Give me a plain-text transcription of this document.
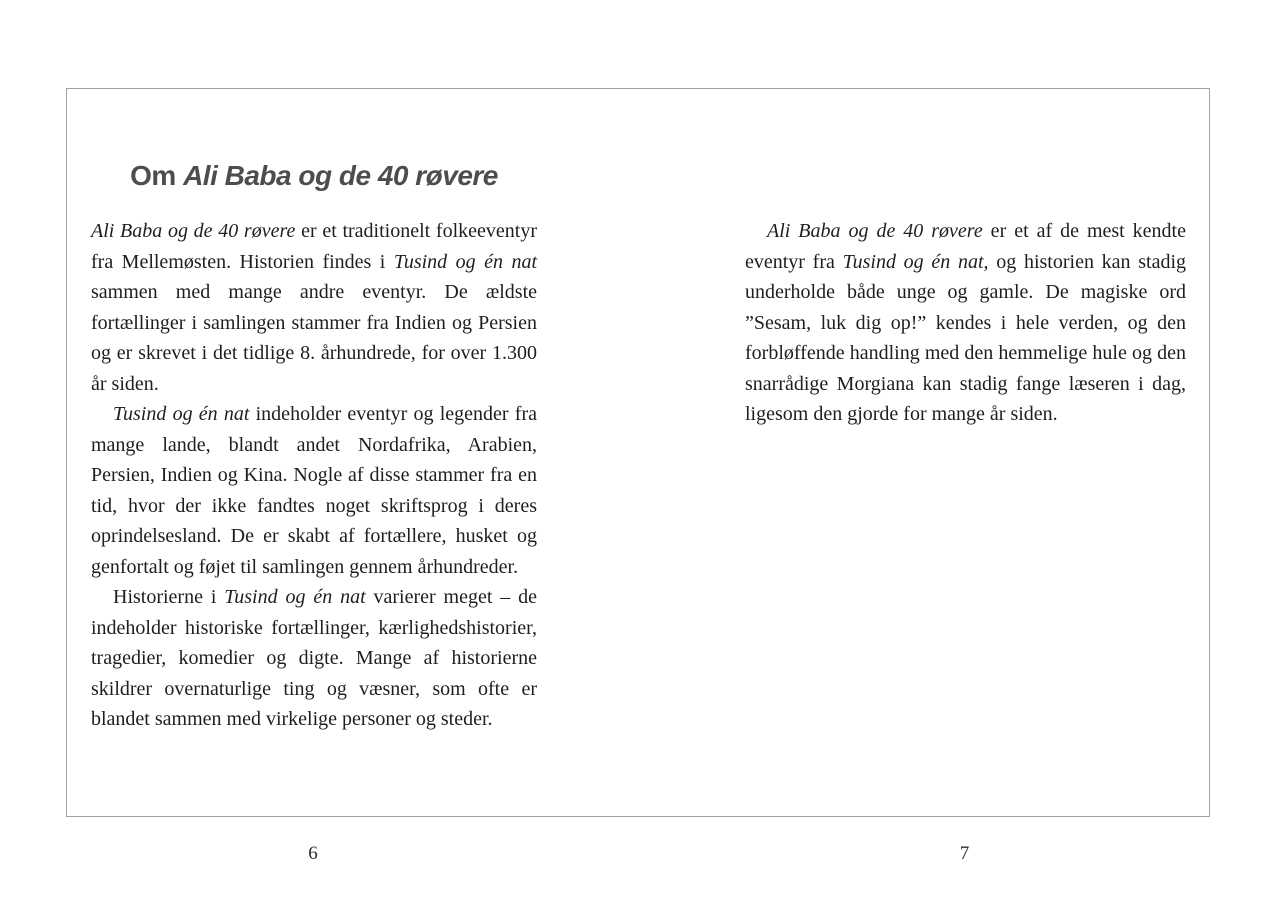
Om Ali Baba og de 40 røvere

Ali Baba og de 40 røvere er et traditionelt folkeeventyr fra Mellemøsten. Historien findes i Tusind og én nat sammen med mange andre eventyr. De ældste fortællinger i samlingen stammer fra Indien og Persien og er skrevet i det tidlige 8. århundrede, for over 1.300 år siden.

Tusind og én nat indeholder eventyr og legender fra mange lande, blandt andet Nordafrika, Arabien, Persien, Indien og Kina. Nogle af disse stammer fra en tid, hvor der ikke fandtes noget skriftsprog i deres oprindelsesland. De er skabt af fortællere, husket og genfortalt og føjet til samlingen gennem århundreder.

Historierne i Tusind og én nat varierer meget – de indeholder historiske fortællinger, kærlighedshistorier, tragedier, komedier og digte. Mange af historierne skildrer overnaturlige ting og væsner, som ofte er blandet sammen med virkelige personer og steder.

Ali Baba og de 40 røvere er et af de mest kendte eventyr fra Tusind og én nat, og historien kan stadig underholde både unge og gamle. De magiske ord ”Sesam, luk dig op!” kendes i hele verden, og den forbløffende handling med den hemmelige hule og den snarrådige Morgiana kan stadig fange læseren i dag, ligesom den gjorde for mange år siden.

6	7
